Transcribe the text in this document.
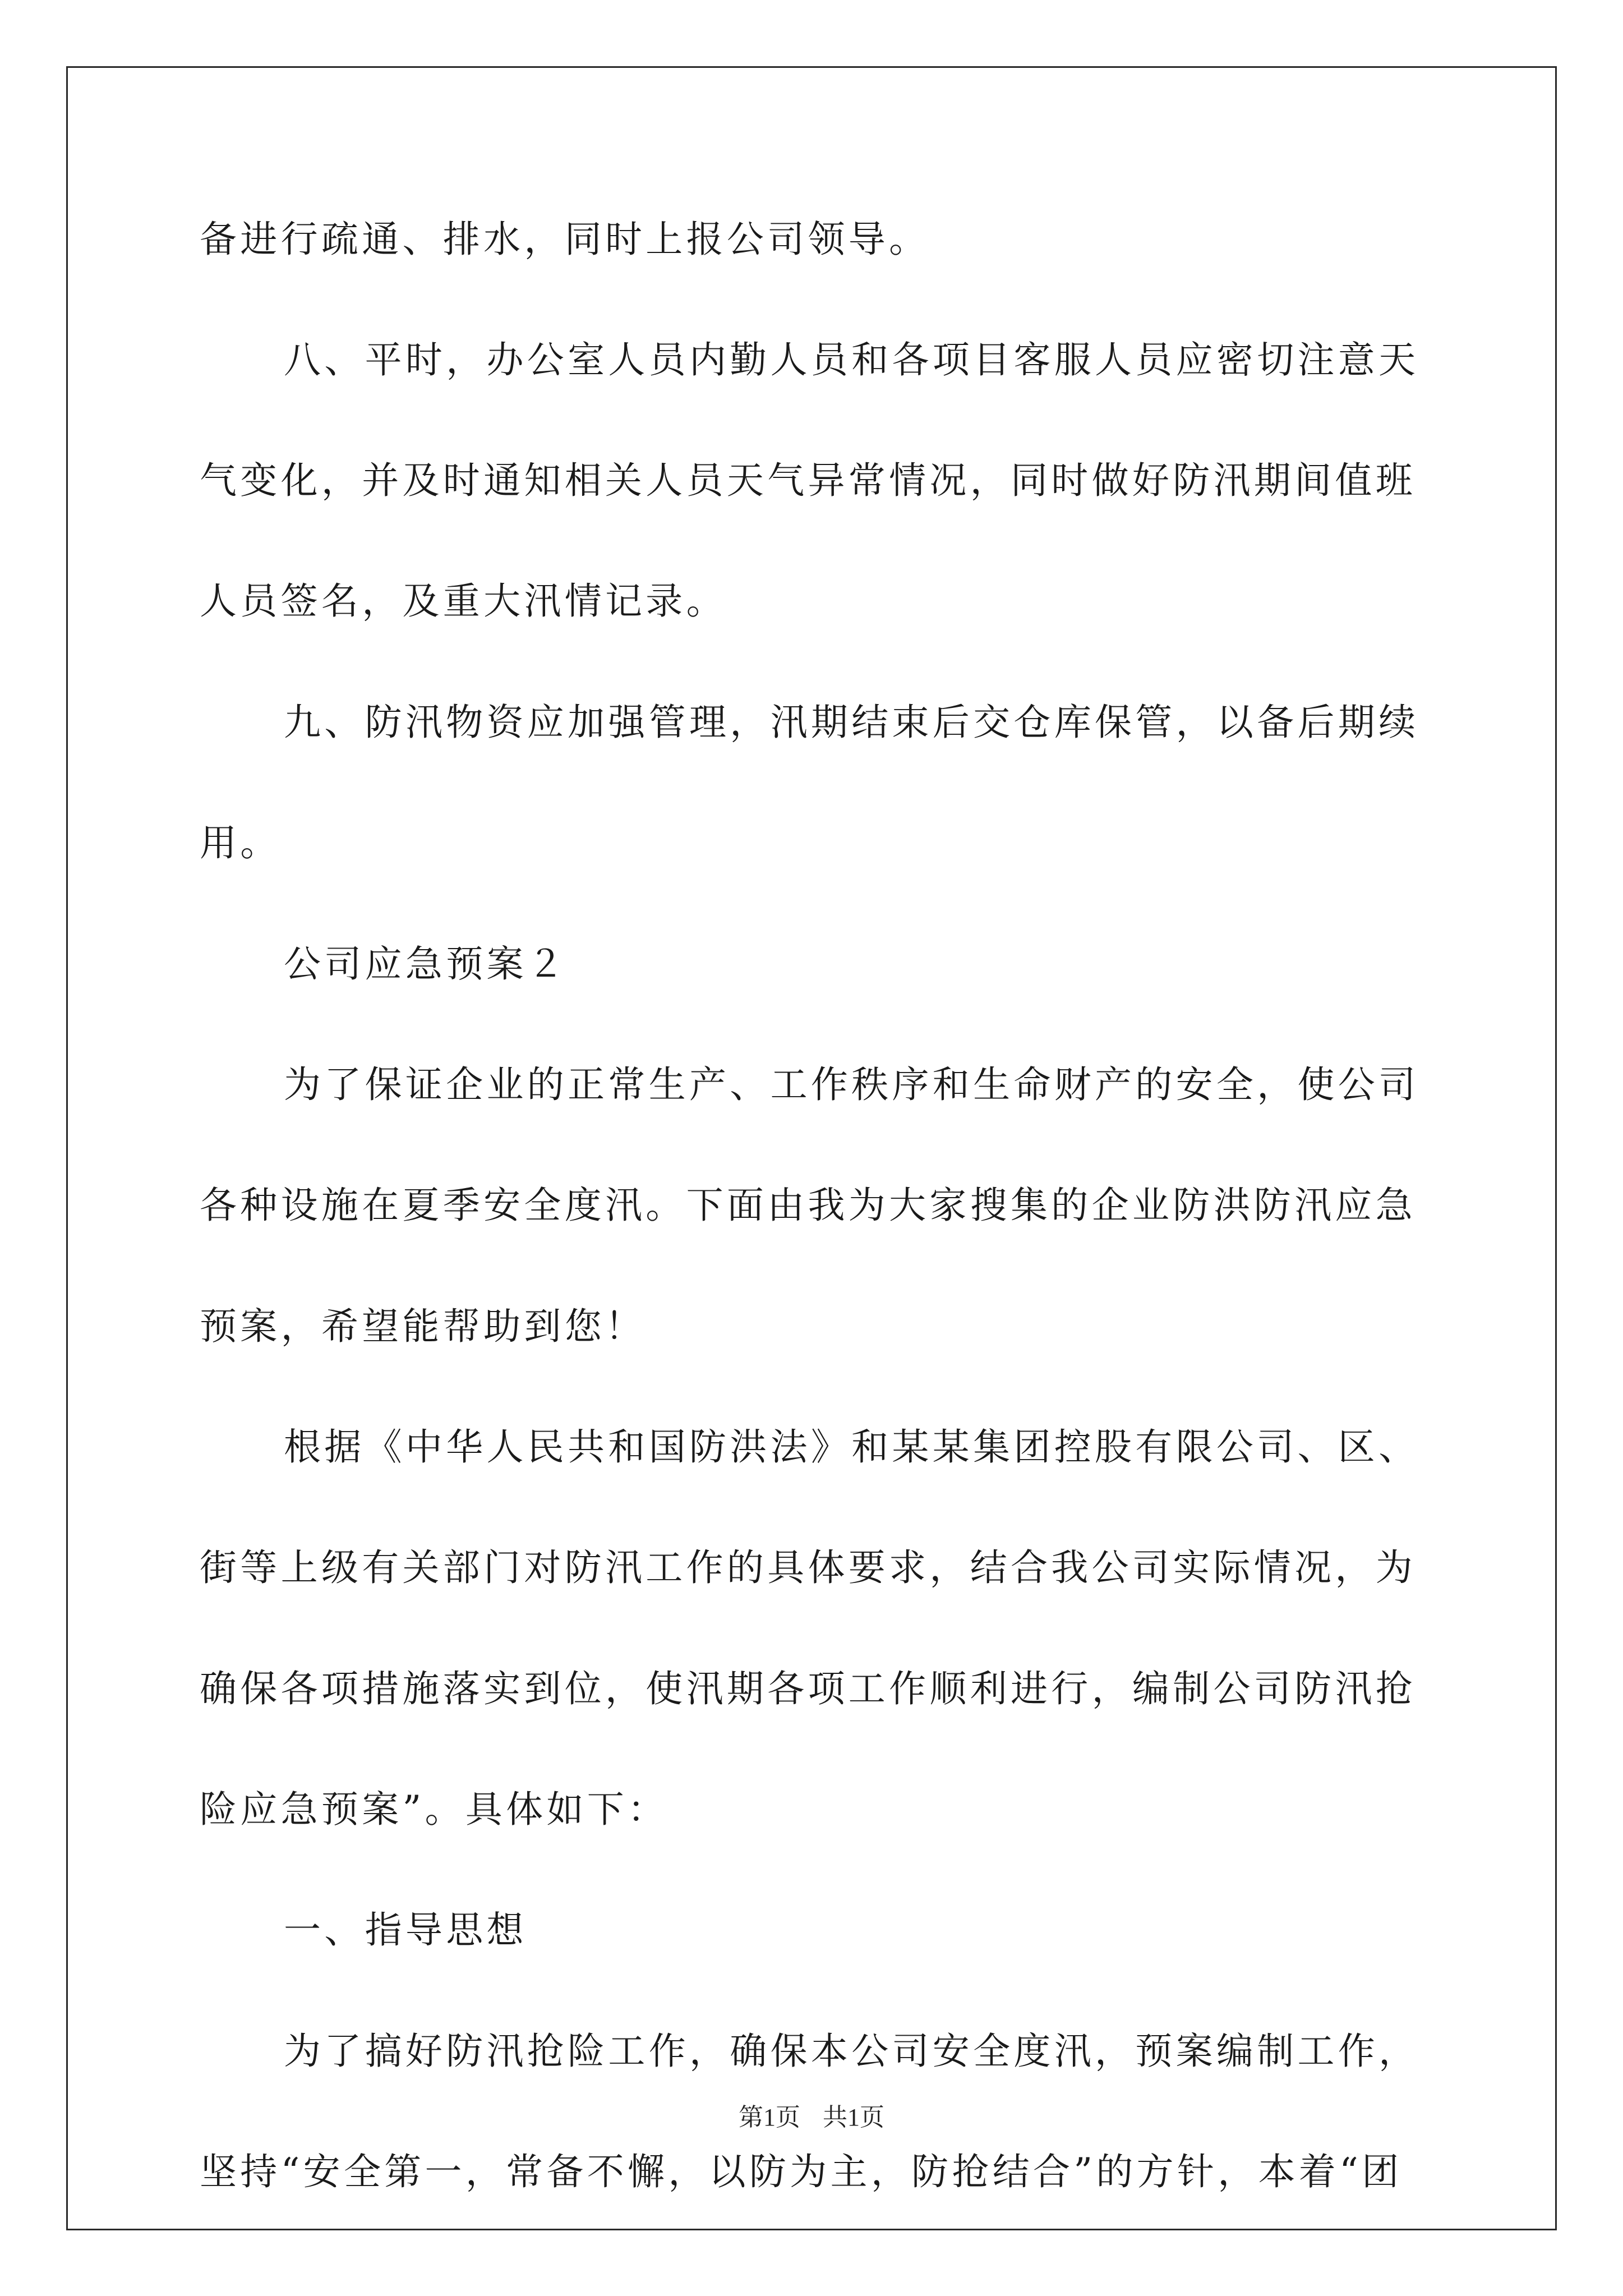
备进行疏通、排水，同时上报公司领导。

八、平时，办公室人员内勤人员和各项目客服人员应密切注意天

气变化，并及时通知相关人员天气异常情况，同时做好防汛期间值班

人员签名，及重大汛情记录。

九、防汛物资应加强管理，汛期结束后交仓库保管，以备后期续

用。

公司应急预案２

为了保证企业的正常生产、工作秩序和生命财产的安全，使公司

各种设施在夏季安全度汛。下面由我为大家搜集的企业防洪防汛应急

预案，希望能帮助到您！

根据《中华人民共和国防洪法》和某某集团控股有限公司、区、

街等上级有关部门对防汛工作的具体要求，结合我公司实际情况，为

确保各项措施落实到位，使汛期各项工作顺利进行，编制公司防汛抢

险应急预案”。具体如下：

一、指导思想

为了搞好防汛抢险工作，确保本公司安全度汛，预案编制工作，

坚持“安全第一，常备不懈，以防为主，防抢结合”的方针，本着“团

第1页 共1页
